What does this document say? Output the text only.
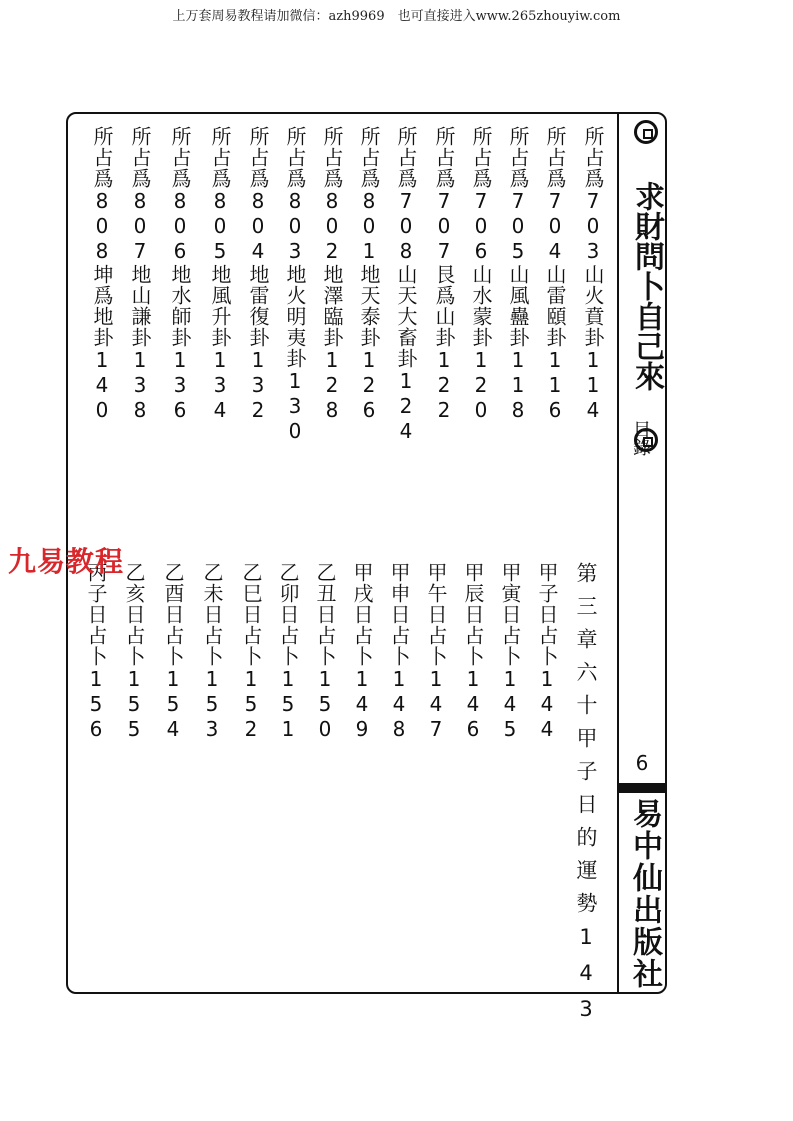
上万套周易教程请加微信：azh9969　也可直接进入www.265zhouyiw.com
求財問卜自己來
目錄
6
易中仙出版社
所占爲703山火賁卦114
所占爲704山雷頤卦116
所占爲705山風蠱卦118
所占爲706山水蒙卦120
所占爲707艮爲山卦122
所占爲708山天大畜卦124
所占爲801地天泰卦126
所占爲802地澤臨卦128
所占爲803地火明夷卦130
所占爲804地雷復卦132
所占爲805地風升卦134
所占爲806地水師卦136
所占爲807地山謙卦138
所占爲808坤爲地卦140
第三章六十甲子日的運勢143
甲子日占卜144
甲寅日占卜145
甲辰日占卜146
甲午日占卜147
甲申日占卜148
甲戌日占卜149
乙丑日占卜150
乙卯日占卜151
乙巳日占卜152
乙未日占卜153
乙酉日占卜154
乙亥日占卜155
丙子日占卜156
九易教程
